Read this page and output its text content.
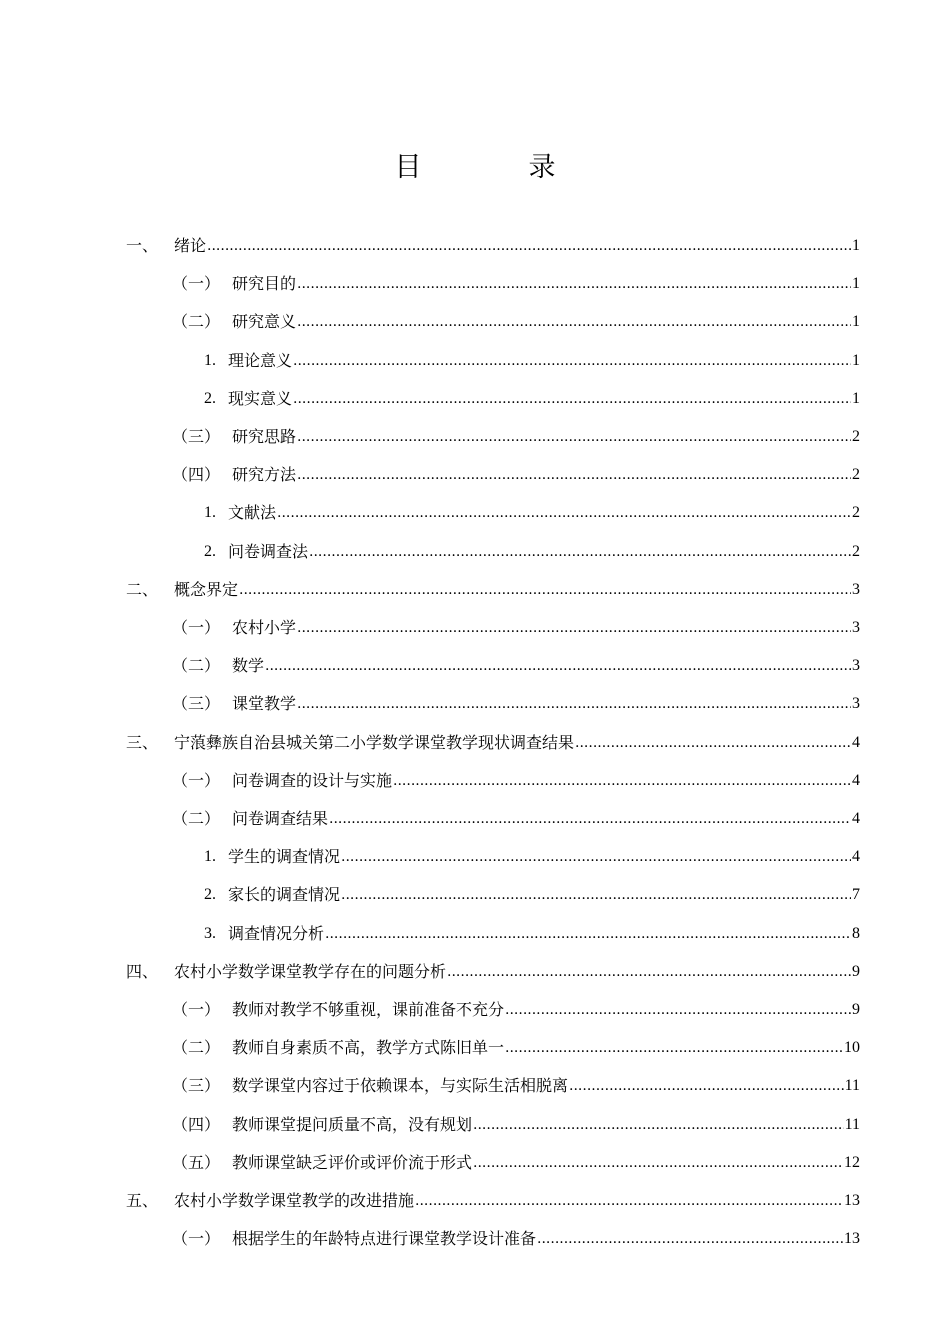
目　录
一、 绪论 .....	1
（一） 研究目的 .....	1
（二） 研究意义 .....	1
1. 理论意义 .....	1
2. 现实意义 .....	1
（三） 研究思路 .....	2
（四） 研究方法 .....	2
1. 文献法 .....	2
2. 问卷调查法 .....	2
二、 概念界定 .....	3
（一） 农村小学 .....	3
（二） 数学 .....	3
（三） 课堂教学 .....	3
三、 宁蒗彝族自治县城关第二小学数学课堂教学现状调查结果 .....	4
（一） 问卷调查的设计与实施 .....	4
（二） 问卷调查结果 .....	4
1. 学生的调查情况 .....	4
2. 家长的调查情况 .....	7
3. 调查情况分析 .....	8
四、 农村小学数学课堂教学存在的问题分析 .....	9
（一） 教师对教学不够重视，课前准备不充分 .....	9
（二） 教师自身素质不高，教学方式陈旧单一 .....	10
（三） 数学课堂内容过于依赖课本，与实际生活相脱离 .....	11
（四） 教师课堂提问质量不高，没有规划 .....	11
（五） 教师课堂缺乏评价或评价流于形式 .....	12
五、 农村小学数学课堂教学的改进措施 .....	13
（一） 根据学生的年龄特点进行课堂教学设计准备 .....	13
